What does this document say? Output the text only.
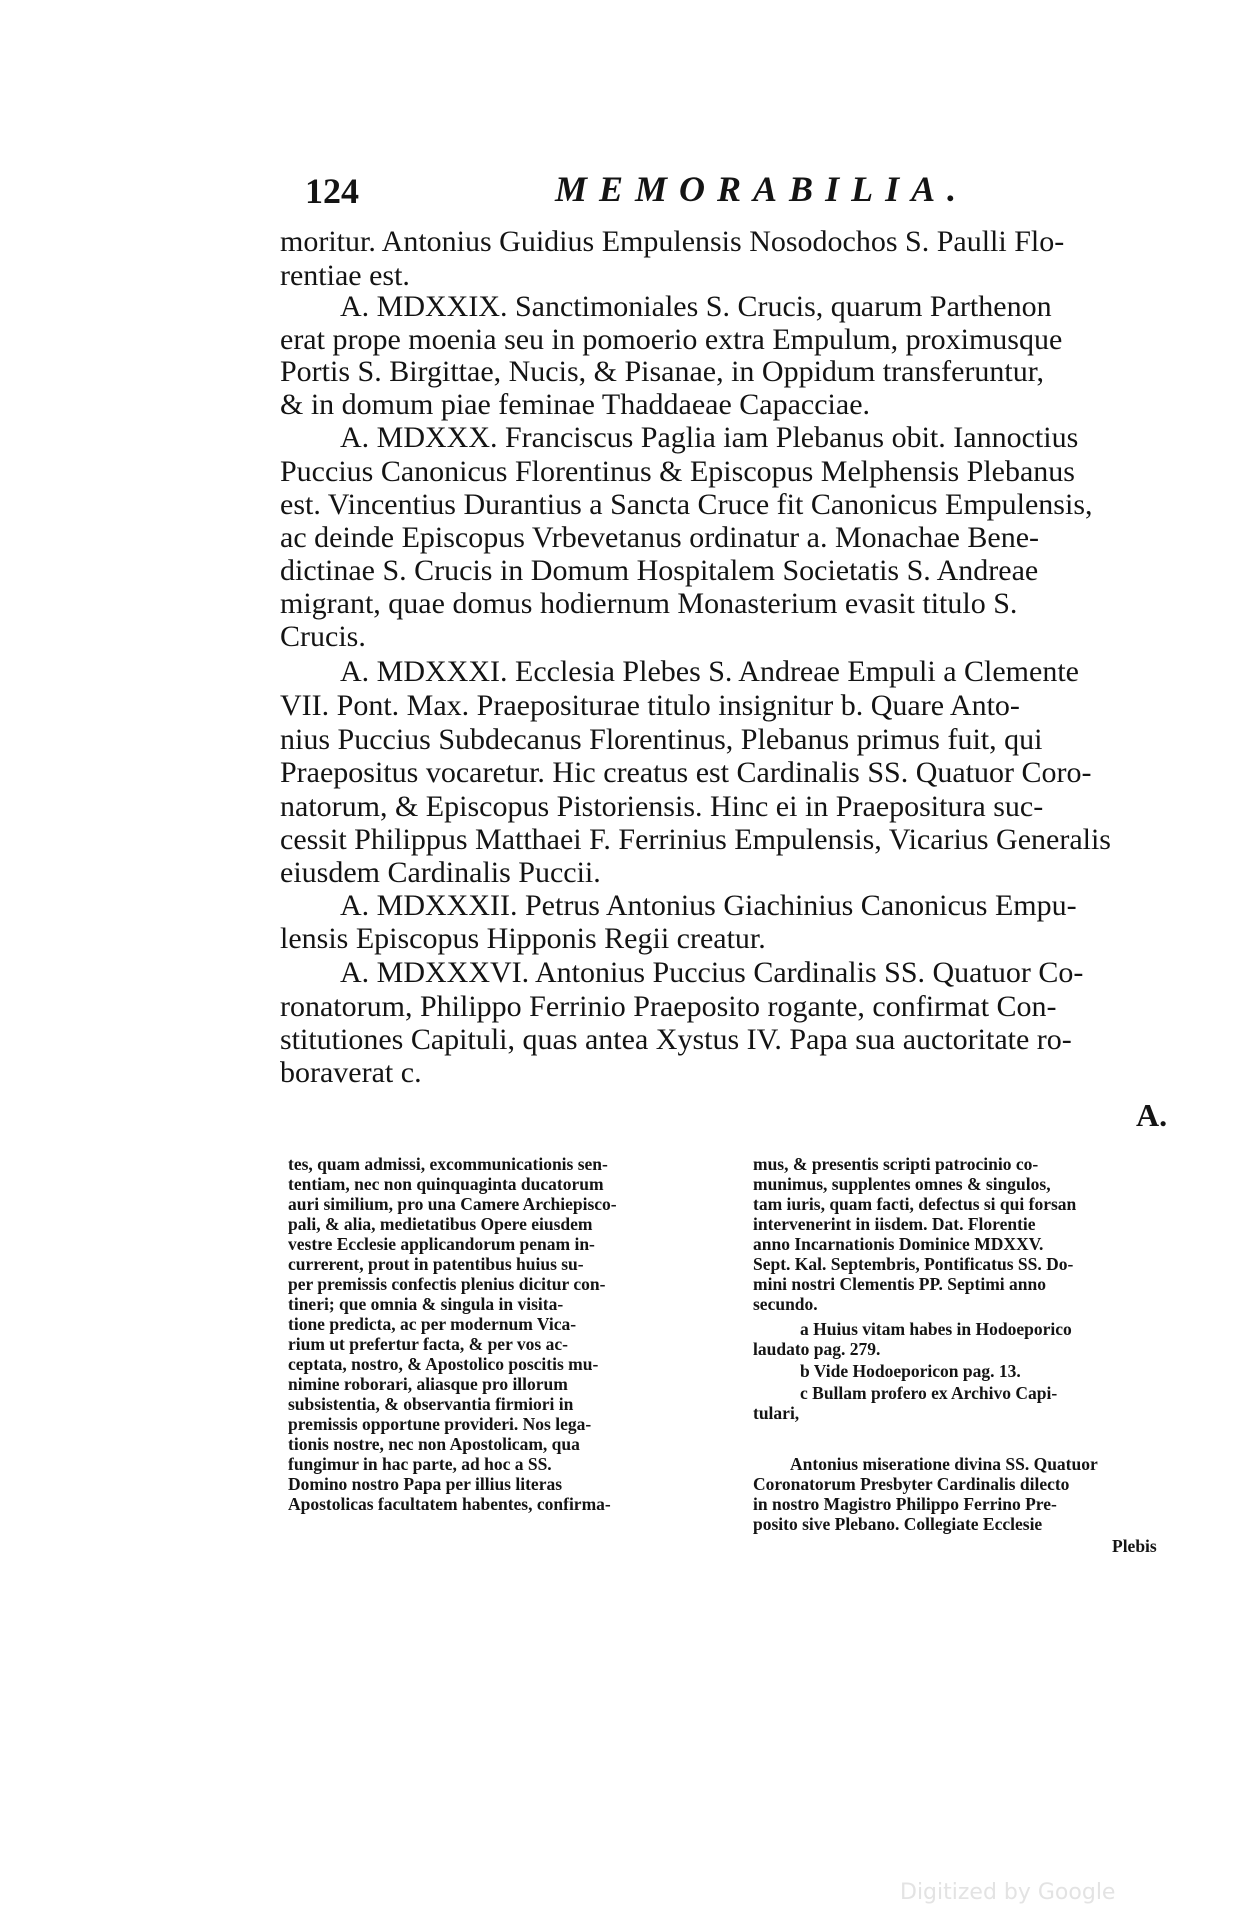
124	MEMORABILIA.
moritur. Antonius Guidius Empulensis Nosodochos S. Paulli Flo-
rentiae est.
A. MDXXIX. Sanctimoniales S. Crucis, quarum Parthenon
erat prope moenia seu in pomoerio extra Empulum, proximusque
Portis S. Birgittae, Nucis, & Pisanae, in Oppidum transferuntur,
& in domum piae feminae Thaddaeae Capacciae.
A. MDXXX. Franciscus Paglia iam Plebanus obit. Iannoctius
Puccius Canonicus Florentinus & Episcopus Melphensis Plebanus
est. Vincentius Durantius a Sancta Cruce fit Canonicus Empulensis,
ac deinde Episcopus Vrbevetanus ordinatur a. Monachae Bene-
dictinae S. Crucis in Domum Hospitalem Societatis S. Andreae
migrant, quae domus hodiernum Monasterium evasit titulo S.
Crucis.
A. MDXXXI. Ecclesia Plebes S. Andreae Empuli a Clemente
VII. Pont. Max. Praepositurae titulo insignitur b. Quare Anto-
nius Puccius Subdecanus Florentinus, Plebanus primus fuit, qui
Praepositus vocaretur. Hic creatus est Cardinalis SS. Quatuor Coro-
natorum, & Episcopus Pistoriensis. Hinc ei in Praepositura suc-
cessit Philippus Matthaei F. Ferrinius Empulensis, Vicarius Generalis
eiusdem Cardinalis Puccii.
A. MDXXXII. Petrus Antonius Giachinius Canonicus Empu-
lensis Episcopus Hipponis Regii creatur.
A. MDXXXVI. Antonius Puccius Cardinalis SS. Quatuor Co-
ronatorum, Philippo Ferrinio Praeposito rogante, confirmat Con-
stitutiones Capituli, quas antea Xystus IV. Papa sua auctoritate ro-
boraverat c.
A.
tes, quam admissi, excommunicationis sen-
tentiam, nec non quinquaginta ducatorum
auri similium, pro una Camere Archiepisco-
pali, & alia, medietatibus Opere eiusdem
vestre Ecclesie applicandorum penam in-
currerent, prout in patentibus huius su-
per premissis confectis plenius dicitur con-
tineri; que omnia & singula in visita-
tione predicta, ac per modernum Vica-
rium ut prefertur facta, & per vos ac-
ceptata, nostro, & Apostolico poscitis mu-
nimine roborari, aliasque pro illorum
subsistentia, & observantia firmiori in
premissis opportune provideri. Nos lega-
tionis nostre, nec non Apostolicam, qua
fungimur in hac parte, ad hoc a SS.
Domino nostro Papa per illius literas
Apostolicas facultatem habentes, confirma-
mus, & presentis scripti patrocinio co-
munimus, supplentes omnes & singulos,
tam iuris, quam facti, defectus si qui forsan
intervenerint in iisdem. Dat. Florentie
anno Incarnationis Dominice MDXXV.
Sept. Kal. Septembris, Pontificatus SS. Do-
mini nostri Clementis PP. Septimi anno
secundo.
a Huius vitam habes in Hodoeporico
laudato pag. 279.
b Vide Hodoeporicon pag. 13.
c Bullam profero ex Archivo Capi-
tulari,
Antonius miseratione divina SS. Quatuor
Coronatorum Presbyter Cardinalis dilecto
in nostro Magistro Philippo Ferrino Pre-
posito sive Plebano. Collegiate Ecclesie
Plebis
Digitized by Google
